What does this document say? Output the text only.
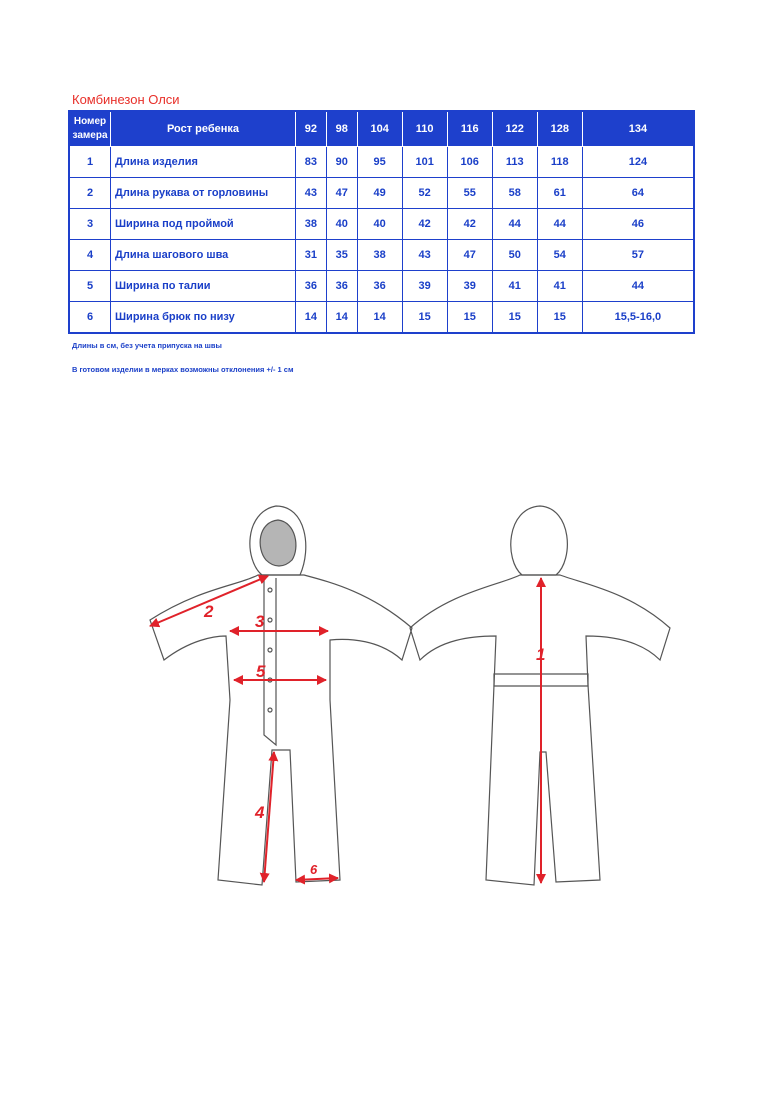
Комбинезон Олси
Номер замера	Рост ребенка	92	98	104	110	116	122	128	134
1	Длина изделия	83	90	95	101	106	113	118	124
2	Длина рукава от горловины	43	47	49	52	55	58	61	64
3	Ширина под проймой	38	40	40	42	42	44	44	46
4	Длина шагового шва	31	35	38	43	47	50	54	57
5	Ширина по талии	36	36	36	39	39	41	41	44
6	Ширина брюк по низу	14	14	14	15	15	15	15	15,5-16,0
Длины в см, без учета припуска на швы
В готовом изделии в мерках возможны отклонения +/- 1 см
1
2
3
4
5
6
